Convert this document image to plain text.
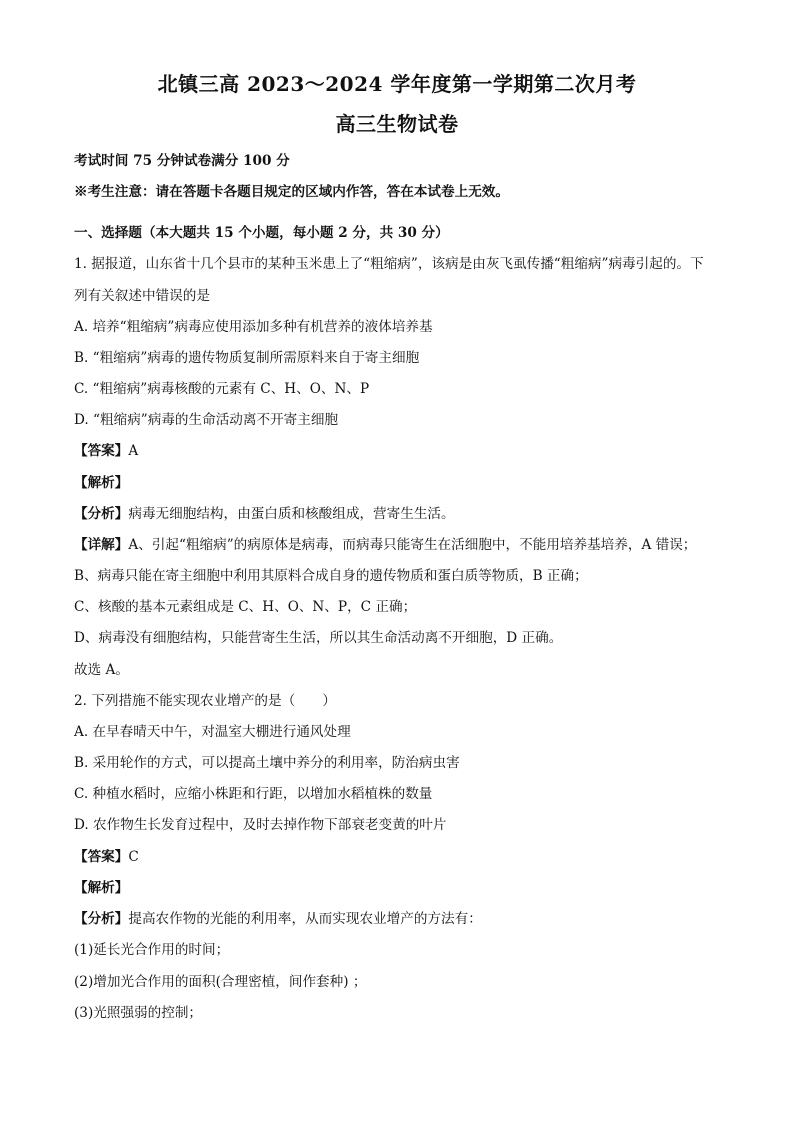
北镇三高 2023～2024 学年度第一学期第二次月考
高三生物试卷
考试时间 75 分钟试卷满分 100 分
※考生注意：请在答题卡各题目规定的区域内作答，答在本试卷上无效。
一、选择题（本大题共 15 个小题，每小题 2 分，共 30 分）
1. 据报道，山东省十几个县市的某种玉米患上了“粗缩病”，该病是由灰飞虱传播“粗缩病”病毒引起的。下
列有关叙述中错误的是
A. 培养“粗缩病”病毒应使用添加多种有机营养的液体培养基
B. “粗缩病”病毒的遗传物质复制所需原料来自于寄主细胞
C. “粗缩病”病毒核酸的元素有 C、H、O、N、P
D. “粗缩病”病毒的生命活动离不开寄主细胞
【答案】A
【解析】
【分析】病毒无细胞结构，由蛋白质和核酸组成，营寄生生活。
【详解】A、引起“粗缩病”的病原体是病毒，而病毒只能寄生在活细胞中，不能用培养基培养，A 错误；
B、病毒只能在寄主细胞中利用其原料合成自身的遗传物质和蛋白质等物质，B 正确；
C、核酸的基本元素组成是 C、H、O、N、P，C 正确；
D、病毒没有细胞结构，只能营寄生生活，所以其生命活动离不开细胞，D 正确。
故选 A。
2. 下列措施不能实现农业增产的是（　　）
A. 在早春晴天中午，对温室大棚进行通风处理
B. 采用轮作的方式，可以提高土壤中养分的利用率，防治病虫害
C. 种植水稻时，应缩小株距和行距，以增加水稻植株的数量
D. 农作物生长发育过程中，及时去掉作物下部衰老变黄的叶片
【答案】C
【解析】
【分析】提高农作物的光能的利用率，从而实现农业增产的方法有：
(1)延长光合作用的时间；
(2)增加光合作用的面积(合理密植，间作套种) ；
(3)光照强弱的控制；
